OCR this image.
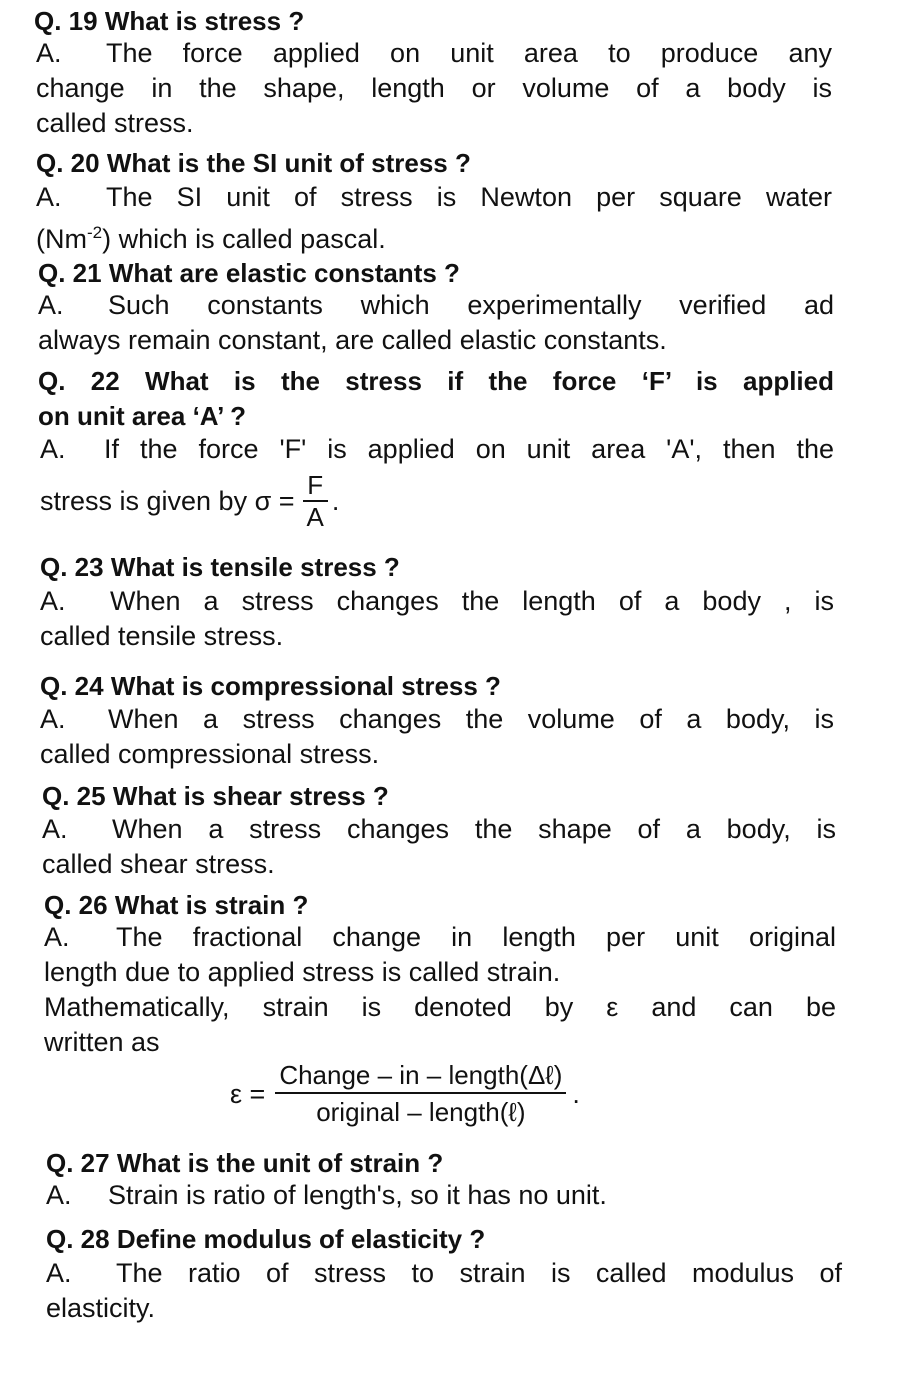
Q. 19 What is stress ?
A. The force applied on unit area to produce any
change in the shape, length or volume of a body is
called stress.
Q. 20 What is the SI unit of stress ?
A. The SI unit of stress is Newton per square water
$(Nm^{-2})$ which is called pascal.
Q. 21 What are elastic constants ?
A. Such constants which experimentally verified ad
always remain constant, are called elastic constants.
Q. 22 What is the stress if the force ‘F’ is applied
on unit area ‘A’ ?
A. If the force 'F' is applied on unit area 'A', then the
stress is given by $\sigma = \frac{F}{A}$ .
Q. 23 What is tensile stress ?
A. When a stress changes the length of a body , is
called tensile stress.
Q. 24 What is compressional stress ?
A. When a stress changes the volume of a body, is
called compressional stress.
Q. 25 What is shear stress ?
A. When a stress changes the shape of a body, is
called shear stress.
Q. 26 What is strain ?
A. The fractional change in length per unit original
length due to applied stress is called strain.
Mathematically, strain is denoted by ε and can be
written as
$\varepsilon = \frac{\text{Change – in – length(Δℓ)}}{\text{original – length(ℓ)}}$ .
Q. 27 What is the unit of strain ?
A. Strain is ratio of length's, so it has no unit.
Q. 28 Define modulus of elasticity ?
A. The ratio of stress to strain is called modulus of
elasticity.
